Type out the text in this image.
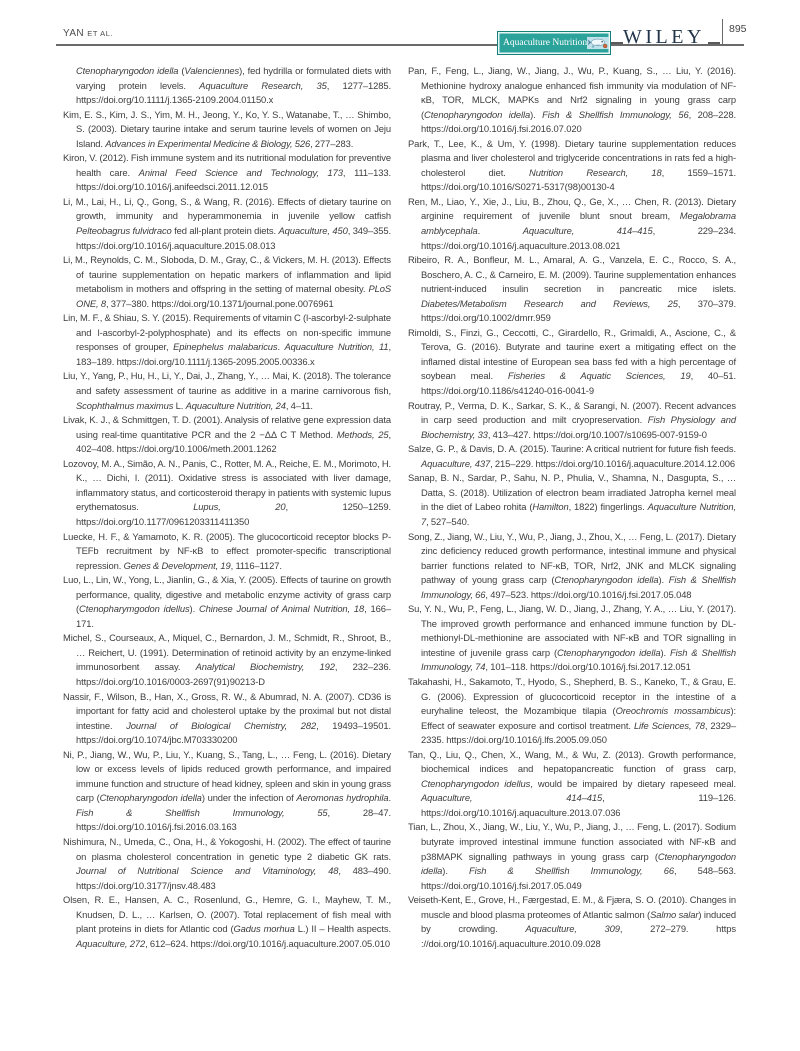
YAN ET AL.
Aquaculture Nutrition WILEY 895
Ctenopharyngodon idella (Valenciennes), fed hydrilla or formulated diets with varying protein levels. Aquaculture Research, 35, 1277–1285. https://doi.org/10.1111/j.1365-2109.2004.01150.x
Kim, E. S., Kim, J. S., Yim, M. H., Jeong, Y., Ko, Y. S., Watanabe, T., … Shimbo, S. (2003). Dietary taurine intake and serum taurine levels of women on Jeju Island. Advances in Experimental Medicine & Biology, 526, 277–283.
Kiron, V. (2012). Fish immune system and its nutritional modulation for preventive health care. Animal Feed Science and Technology, 173, 111–133. https://doi.org/10.1016/j.anifeedsci.2011.12.015
Li, M., Lai, H., Li, Q., Gong, S., & Wang, R. (2016). Effects of dietary taurine on growth, immunity and hyperammonemia in juvenile yellow catfish Pelteobagrus fulvidraco fed all-plant protein diets. Aquaculture, 450, 349–355. https://doi.org/10.1016/j.aquaculture.2015.08.013
Li, M., Reynolds, C. M., Sloboda, D. M., Gray, C., & Vickers, M. H. (2013). Effects of taurine supplementation on hepatic markers of inflammation and lipid metabolism in mothers and offspring in the setting of maternal obesity. PLoS ONE, 8, 377–380. https://doi.org/10.1371/journal.pone.0076961
Lin, M. F., & Shiau, S. Y. (2015). Requirements of vitamin C (l-ascorbyl-2-sulphate and l-ascorbyl-2-polyphosphate) and its effects on non-specific immune responses of grouper, Epinephelus malabaricus. Aquaculture Nutrition, 11, 183–189. https://doi.org/10.1111/j.1365-2095.2005.00336.x
Liu, Y., Yang, P., Hu, H., Li, Y., Dai, J., Zhang, Y., … Mai, K. (2018). The tolerance and safety assessment of taurine as additive in a marine carnivorous fish, Scophthalmus maximus L. Aquaculture Nutrition, 24, 4–11.
Livak, K. J., & Schmittgen, T. D. (2001). Analysis of relative gene expression data using real-time quantitative PCR and the 2 −ΔΔ C T Method. Methods, 25, 402–408. https://doi.org/10.1006/meth.2001.1262
Lozovoy, M. A., Simão, A. N., Panis, C., Rotter, M. A., Reiche, E. M., Morimoto, H. K., … Dichi, I. (2011). Oxidative stress is associated with liver damage, inflammatory status, and corticosteroid therapy in patients with systemic lupus erythematosus. Lupus, 20, 1250–1259. https://doi.org/10.1177/0961203311411350
Luecke, H. F., & Yamamoto, K. R. (2005). The glucocorticoid receptor blocks P-TEFb recruitment by NF-κB to effect promoter-specific transcriptional repression. Genes & Development, 19, 1116–1127.
Luo, L., Lin, W., Yong, L., Jianlin, G., & Xia, Y. (2005). Effects of taurine on growth performance, quality, digestive and metabolic enzyme activity of grass carp (Ctenopharymgodon idellus). Chinese Journal of Animal Nutrition, 18, 166–171.
Michel, S., Courseaux, A., Miquel, C., Bernardon, J. M., Schmidt, R., Shroot, B., … Reichert, U. (1991). Determination of retinoid activity by an enzyme-linked immunosorbent assay. Analytical Biochemistry, 192, 232–236. https://doi.org/10.1016/0003-2697(91)90213-D
Nassir, F., Wilson, B., Han, X., Gross, R. W., & Abumrad, N. A. (2007). CD36 is important for fatty acid and cholesterol uptake by the proximal but not distal intestine. Journal of Biological Chemistry, 282, 19493–19501. https://doi.org/10.1074/jbc.M703330200
Ni, P., Jiang, W., Wu, P., Liu, Y., Kuang, S., Tang, L., … Feng, L. (2016). Dietary low or excess levels of lipids reduced growth performance, and impaired immune function and structure of head kidney, spleen and skin in young grass carp (Ctenopharyngodon idella) under the infection of Aeromonas hydrophila. Fish & Shellfish Immunology, 55, 28–47. https://doi.org/10.1016/j.fsi.2016.03.163
Nishimura, N., Umeda, C., Ona, H., & Yokogoshi, H. (2002). The effect of taurine on plasma cholesterol concentration in genetic type 2 diabetic GK rats. Journal of Nutritional Science and Vitaminology, 48, 483–490. https://doi.org/10.3177/jnsv.48.483
Olsen, R. E., Hansen, A. C., Rosenlund, G., Hemre, G. I., Mayhew, T. M., Knudsen, D. L., … Karlsen, O. (2007). Total replacement of fish meal with plant proteins in diets for Atlantic cod (Gadus morhua L.) II – Health aspects. Aquaculture, 272, 612–624. https://doi.org/10.1016/j.aquaculture.2007.05.010
Pan, F., Feng, L., Jiang, W., Jiang, J., Wu, P., Kuang, S., … Liu, Y. (2016). Methionine hydroxy analogue enhanced fish immunity via modulation of NF-κB, TOR, MLCK, MAPKs and Nrf2 signaling in young grass carp (Ctenopharyngodon idella). Fish & Shellfish Immunology, 56, 208–228. https://doi.org/10.1016/j.fsi.2016.07.020
Park, T., Lee, K., & Um, Y. (1998). Dietary taurine supplementation reduces plasma and liver cholesterol and triglyceride concentrations in rats fed a high-cholesterol diet. Nutrition Research, 18, 1559–1571. https://doi.org/10.1016/S0271-5317(98)00130-4
Ren, M., Liao, Y., Xie, J., Liu, B., Zhou, Q., Ge, X., … Chen, R. (2013). Dietary arginine requirement of juvenile blunt snout bream, Megalobrama amblycephala. Aquaculture, 414–415, 229–234. https://doi.org/10.1016/j.aquaculture.2013.08.021
Ribeiro, R. A., Bonfleur, M. L., Amaral, A. G., Vanzela, E. C., Rocco, S. A., Boschero, A. C., & Carneiro, E. M. (2009). Taurine supplementation enhances nutrient-induced insulin secretion in pancreatic mice islets. Diabetes/Metabolism Research and Reviews, 25, 370–379. https://doi.org/10.1002/dmrr.959
Rimoldi, S., Finzi, G., Ceccotti, C., Girardello, R., Grimaldi, A., Ascione, C., & Terova, G. (2016). Butyrate and taurine exert a mitigating effect on the inflamed distal intestine of European sea bass fed with a high percentage of soybean meal. Fisheries & Aquatic Sciences, 19, 40–51. https://doi.org/10.1186/s41240-016-0041-9
Routray, P., Verma, D. K., Sarkar, S. K., & Sarangi, N. (2007). Recent advances in carp seed production and milt cryopreservation. Fish Physiology and Biochemistry, 33, 413–427. https://doi.org/10.1007/s10695-007-9159-0
Salze, G. P., & Davis, D. A. (2015). Taurine: A critical nutrient for future fish feeds. Aquaculture, 437, 215–229. https://doi.org/10.1016/j.aquaculture.2014.12.006
Sanap, B. N., Sardar, P., Sahu, N. P., Phulia, V., Shamna, N., Dasgupta, S., … Datta, S. (2018). Utilization of electron beam irradiated Jatropha kernel meal in the diet of Labeo rohita (Hamilton, 1822) fingerlings. Aquaculture Nutrition, 7, 527–540.
Song, Z., Jiang, W., Liu, Y., Wu, P., Jiang, J., Zhou, X., … Feng, L. (2017). Dietary zinc deficiency reduced growth performance, intestinal immune and physical barrier functions related to NF-κB, TOR, Nrf2, JNK and MLCK signaling pathway of young grass carp (Ctenopharyngodon idella). Fish & Shellfish Immunology, 66, 497–523. https://doi.org/10.1016/j.fsi.2017.05.048
Su, Y. N., Wu, P., Feng, L., Jiang, W. D., Jiang, J., Zhang, Y. A., … Liu, Y. (2017). The improved growth performance and enhanced immune function by DL-methionyl-DL-methionine are associated with NF-κB and TOR signalling in intestine of juvenile grass carp (Ctenopharyngodon idella). Fish & Shellfish Immunology, 74, 101–118. https://doi.org/10.1016/j.fsi.2017.12.051
Takahashi, H., Sakamoto, T., Hyodo, S., Shepherd, B. S., Kaneko, T., & Grau, E. G. (2006). Expression of glucocorticoid receptor in the intestine of a euryhaline teleost, the Mozambique tilapia (Oreochromis mossambicus): Effect of seawater exposure and cortisol treatment. Life Sciences, 78, 2329–2335. https://doi.org/10.1016/j.lfs.2005.09.050
Tan, Q., Liu, Q., Chen, X., Wang, M., & Wu, Z. (2013). Growth performance, biochemical indices and hepatopancreatic function of grass carp, Ctenopharyngodon idellus, would be impaired by dietary rapeseed meal. Aquaculture, 414–415, 119–126. https://doi.org/10.1016/j.aquaculture.2013.07.036
Tian, L., Zhou, X., Jiang, W., Liu, Y., Wu, P., Jiang, J., … Feng, L. (2017). Sodium butyrate improved intestinal immune function associated with NF-κB and p38MAPK signalling pathways in young grass carp (Ctenopharyngodon idella). Fish & Shellfish Immunology, 66, 548–563. https://doi.org/10.1016/j.fsi.2017.05.049
Veiseth-Kent, E., Grove, H., Færgestad, E. M., & Fjæra, S. O. (2010). Changes in muscle and blood plasma proteomes of Atlantic salmon (Salmo salar) induced by crowding. Aquaculture, 309, 272–279. https ://doi.org/10.1016/j.aquaculture.2010.09.028
